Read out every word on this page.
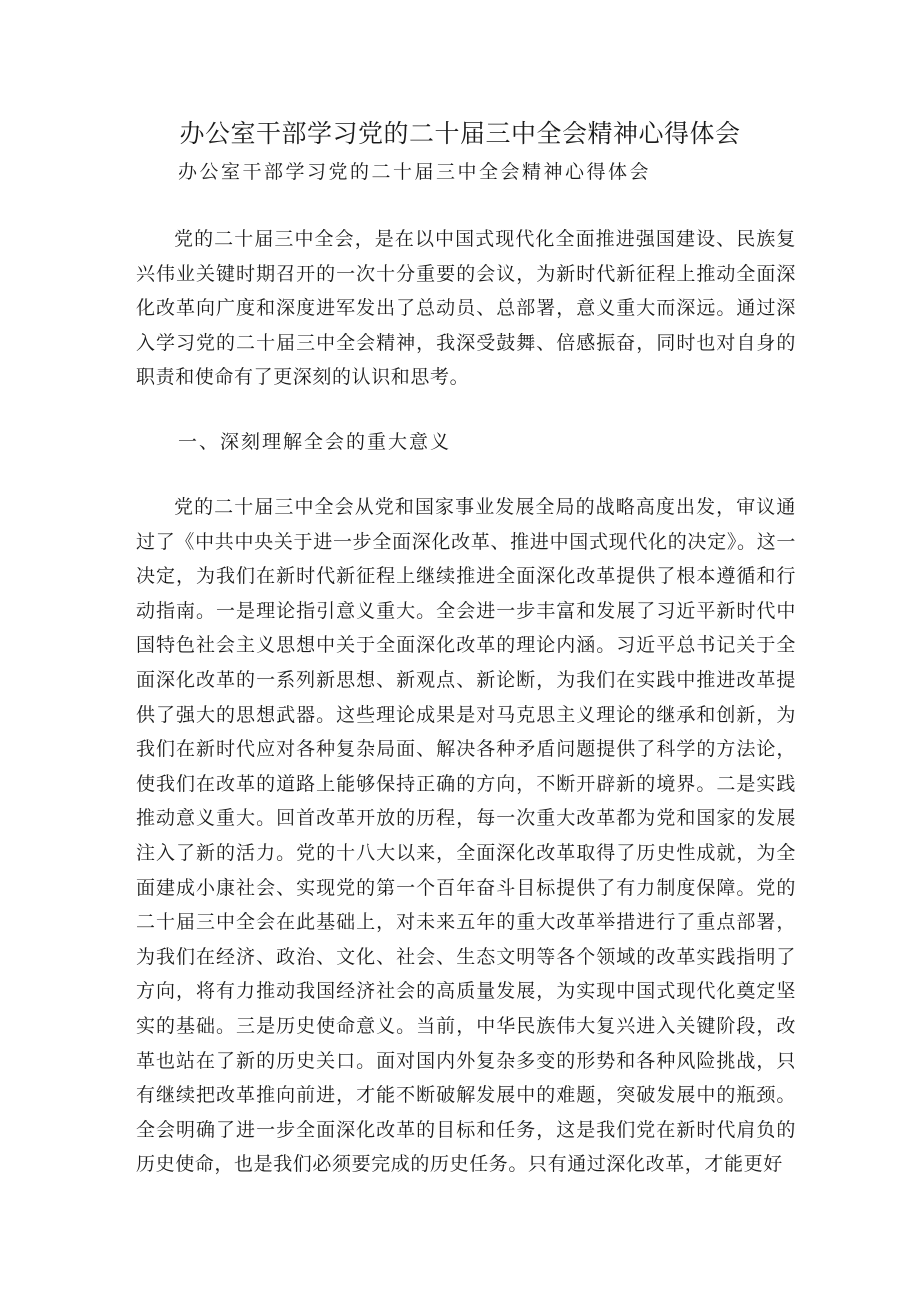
办公室干部学习党的二十届三中全会精神心得体会
办公室干部学习党的二十届三中全会精神心得体会

党的二十届三中全会，是在以中国式现代化全面推进强国建设、民族复兴伟业关键时期召开的一次十分重要的会议，为新时代新征程上推动全面深化改革向广度和深度进军发出了总动员、总部署，意义重大而深远。通过深入学习党的二十届三中全会精神，我深受鼓舞、倍感振奋，同时也对自身的职责和使命有了更深刻的认识和思考。

一、深刻理解全会的重大意义

党的二十届三中全会从党和国家事业发展全局的战略高度出发，审议通过了《中共中央关于进一步全面深化改革、推进中国式现代化的决定》。这一决定，为我们在新时代新征程上继续推进全面深化改革提供了根本遵循和行动指南。一是理论指引意义重大。全会进一步丰富和发展了习近平新时代中国特色社会主义思想中关于全面深化改革的理论内涵。习近平总书记关于全面深化改革的一系列新思想、新观点、新论断，为我们在实践中推进改革提供了强大的思想武器。这些理论成果是对马克思主义理论的继承和创新，为我们在新时代应对各种复杂局面、解决各种矛盾问题提供了科学的方法论，使我们在改革的道路上能够保持正确的方向，不断开辟新的境界。二是实践推动意义重大。回首改革开放的历程，每一次重大改革都为党和国家的发展注入了新的活力。党的十八大以来，全面深化改革取得了历史性成就，为全面建成小康社会、实现党的第一个百年奋斗目标提供了有力制度保障。党的二十届三中全会在此基础上，对未来五年的重大改革举措进行了重点部署，为我们在经济、政治、文化、社会、生态文明等各个领域的改革实践指明了方向，将有力推动我国经济社会的高质量发展，为实现中国式现代化奠定坚实的基础。三是历史使命意义。当前，中华民族伟大复兴进入关键阶段，改革也站在了新的历史关口。面对国内外复杂多变的形势和各种风险挑战，只有继续把改革推向前进，才能不断破解发展中的难题，突破发展中的瓶颈。全会明确了进一步全面深化改革的目标和任务，这是我们党在新时代肩负的历史使命，也是我们必须要完成的历史任务。只有通过深化改革，才能更好
